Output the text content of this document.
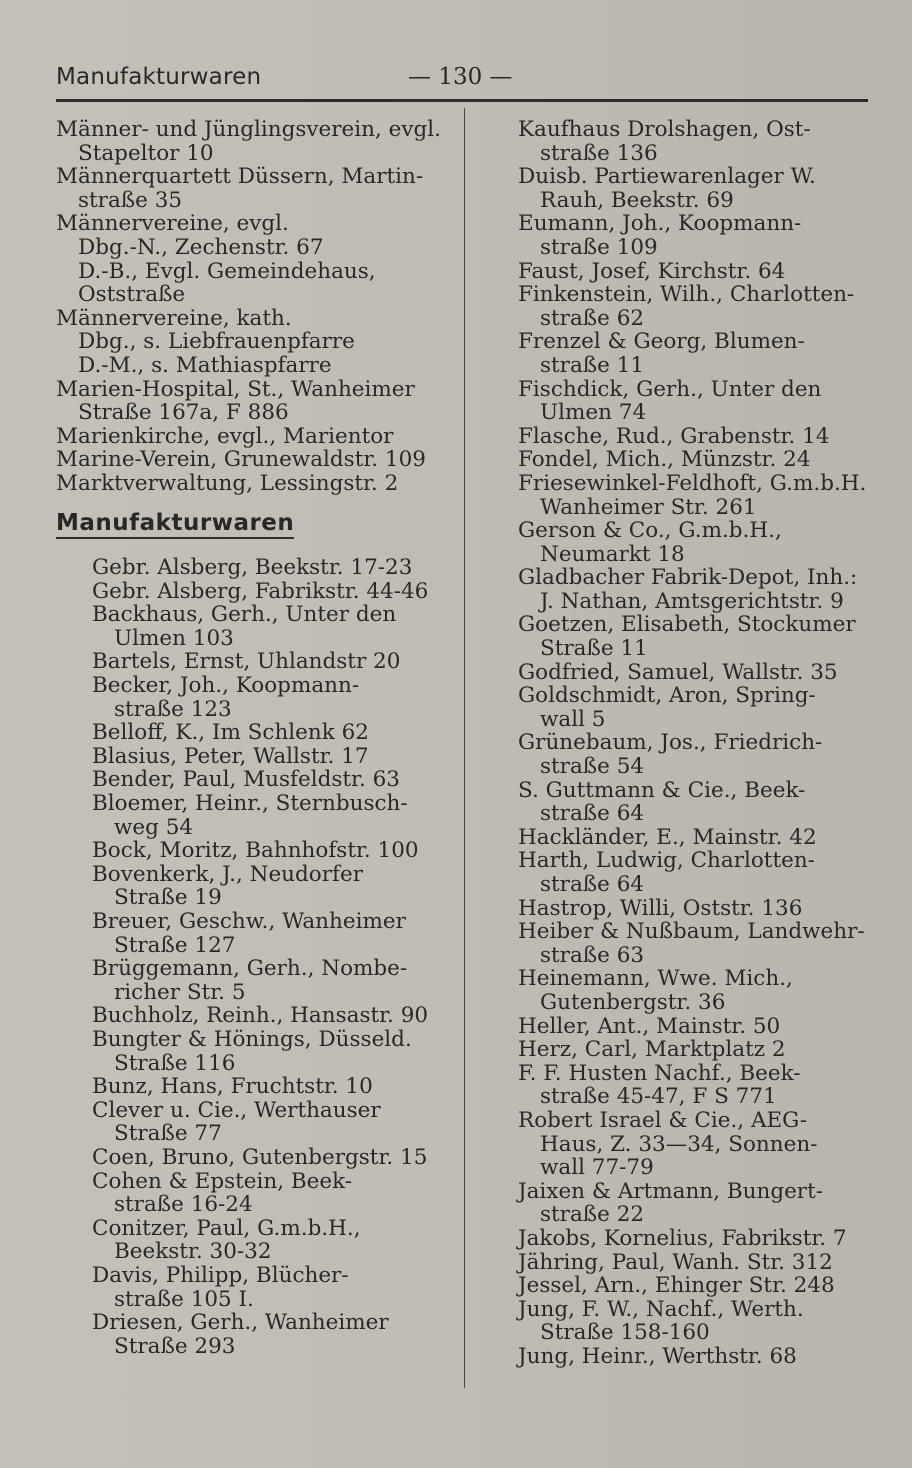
Manufakturwaren	— 130 —
Männer- und Jünglingsverein, evgl.
Stapeltor 10
Männerquartett Düssern, Martin-
straße 35
Männervereine, evgl.
Dbg.-N., Zechenstr. 67
D.-B., Evgl. Gemeindehaus,
Oststraße
Männervereine, kath.
Dbg., s. Liebfrauenpfarre
D.-M., s. Mathiaspfarre
Marien-Hospital, St., Wanheimer
Straße 167a, F 886
Marienkirche, evgl., Marientor
Marine-Verein, Grunewaldstr. 109
Marktverwaltung, Lessingstr. 2
Manufakturwaren
Gebr. Alsberg, Beekstr. 17-23
Gebr. Alsberg, Fabrikstr. 44-46
Backhaus, Gerh., Unter den
Ulmen 103
Bartels, Ernst, Uhlandstr 20
Becker, Joh., Koopmann-
straße 123
Belloff, K., Im Schlenk 62
Blasius, Peter, Wallstr. 17
Bender, Paul, Musfeldstr. 63
Bloemer, Heinr., Sternbusch-
weg 54
Bock, Moritz, Bahnhofstr. 100
Bovenkerk, J., Neudorfer
Straße 19
Breuer, Geschw., Wanheimer
Straße 127
Brüggemann, Gerh., Nombe-
richer Str. 5
Buchholz, Reinh., Hansastr. 90
Bungter & Hönings, Düsseld.
Straße 116
Bunz, Hans, Fruchtstr. 10
Clever u. Cie., Werthauser
Straße 77
Coen, Bruno, Gutenbergstr. 15
Cohen & Epstein, Beek-
straße 16-24
Conitzer, Paul, G.m.b.H.,
Beekstr. 30-32
Davis, Philipp, Blücher-
straße 105 I.
Driesen, Gerh., Wanheimer
Straße 293
Kaufhaus Drolshagen, Ost-
straße 136
Duisb. Partiewarenlager W.
Rauh, Beekstr. 69
Eumann, Joh., Koopmann-
straße 109
Faust, Josef, Kirchstr. 64
Finkenstein, Wilh., Charlotten-
straße 62
Frenzel & Georg, Blumen-
straße 11
Fischdick, Gerh., Unter den
Ulmen 74
Flasche, Rud., Grabenstr. 14
Fondel, Mich., Münzstr. 24
Friesewinkel-Feldhoft, G.m.b.H.
Wanheimer Str. 261
Gerson & Co., G.m.b.H.,
Neumarkt 18
Gladbacher Fabrik-Depot, Inh.:
J. Nathan, Amtsgerichtstr. 9
Goetzen, Elisabeth, Stockumer
Straße 11
Godfried, Samuel, Wallstr. 35
Goldschmidt, Aron, Spring-
wall 5
Grünebaum, Jos., Friedrich-
straße 54
S. Guttmann & Cie., Beek-
straße 64
Hackländer, E., Mainstr. 42
Harth, Ludwig, Charlotten-
straße 64
Hastrop, Willi, Oststr. 136
Heiber & Nußbaum, Landwehr-
straße 63
Heinemann, Wwe. Mich.,
Gutenbergstr. 36
Heller, Ant., Mainstr. 50
Herz, Carl, Marktplatz 2
F. F. Husten Nachf., Beek-
straße 45-47, F S 771
Robert Israel & Cie., AEG-
Haus, Z. 33—34, Sonnen-
wall 77-79
Jaixen & Artmann, Bungert-
straße 22
Jakobs, Kornelius, Fabrikstr. 7
Jähring, Paul, Wanh. Str. 312
Jessel, Arn., Ehinger Str. 248
Jung, F. W., Nachf., Werth.
Straße 158-160
Jung, Heinr., Werthstr. 68
